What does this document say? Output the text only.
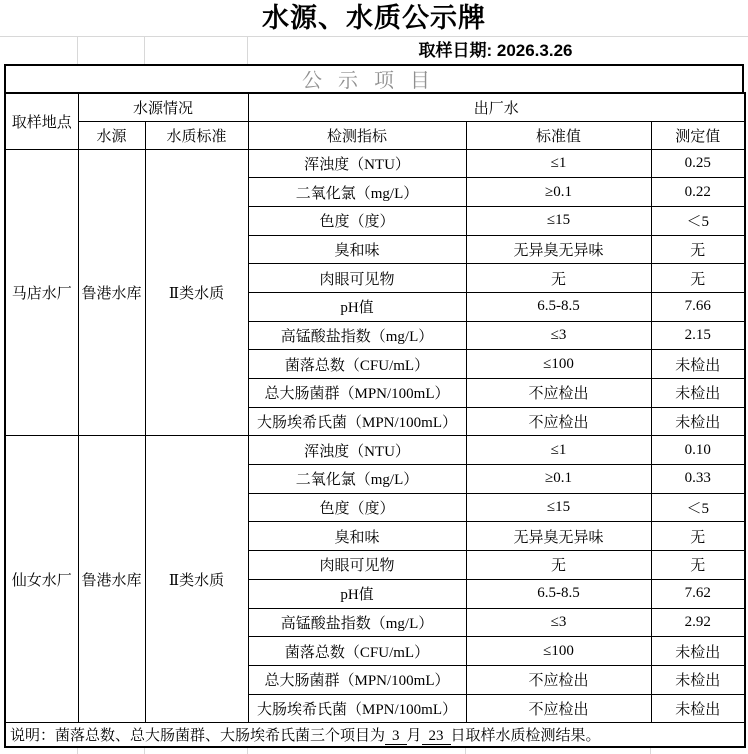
水源、水质公示牌
取样日期: 2026.3.26
公示项目
取样地点	水源情况		出厂水		
	水源	水质标准	检测指标	标准值	测定值
马店水厂	鲁港水库	Ⅱ类水质	浑浊度（NTU）	≤1	0.25
			二氧化氯（mg/L）	≥0.1	0.22
			色度（度）	≤15	＜5
			臭和味	无异臭无异味	无
			肉眼可见物	无	无
			pH值	6.5-8.5	7.66
			高锰酸盐指数（mg/L）	≤3	2.15
			菌落总数（CFU/mL）	≤100	未检出
			总大肠菌群（MPN/100mL）	不应检出	未检出
			大肠埃希氏菌（MPN/100mL）	不应检出	未检出
仙女水厂	鲁港水库	Ⅱ类水质	浑浊度（NTU）	≤1	0.10
			二氧化氯（mg/L）	≥0.1	0.33
			色度（度）	≤15	＜5
			臭和味	无异臭无异味	无
			肉眼可见物	无	无
			pH值	6.5-8.5	7.62
			高锰酸盐指数（mg/L）	≤3	2.92
			菌落总数（CFU/mL）	≤100	未检出
			总大肠菌群（MPN/100mL）	不应检出	未检出
			大肠埃希氏菌（MPN/100mL）	不应检出	未检出
说明：菌落总数、总大肠菌群、大肠埃希氏菌三个项目为 3 月 23 日取样水质检测结果。					
